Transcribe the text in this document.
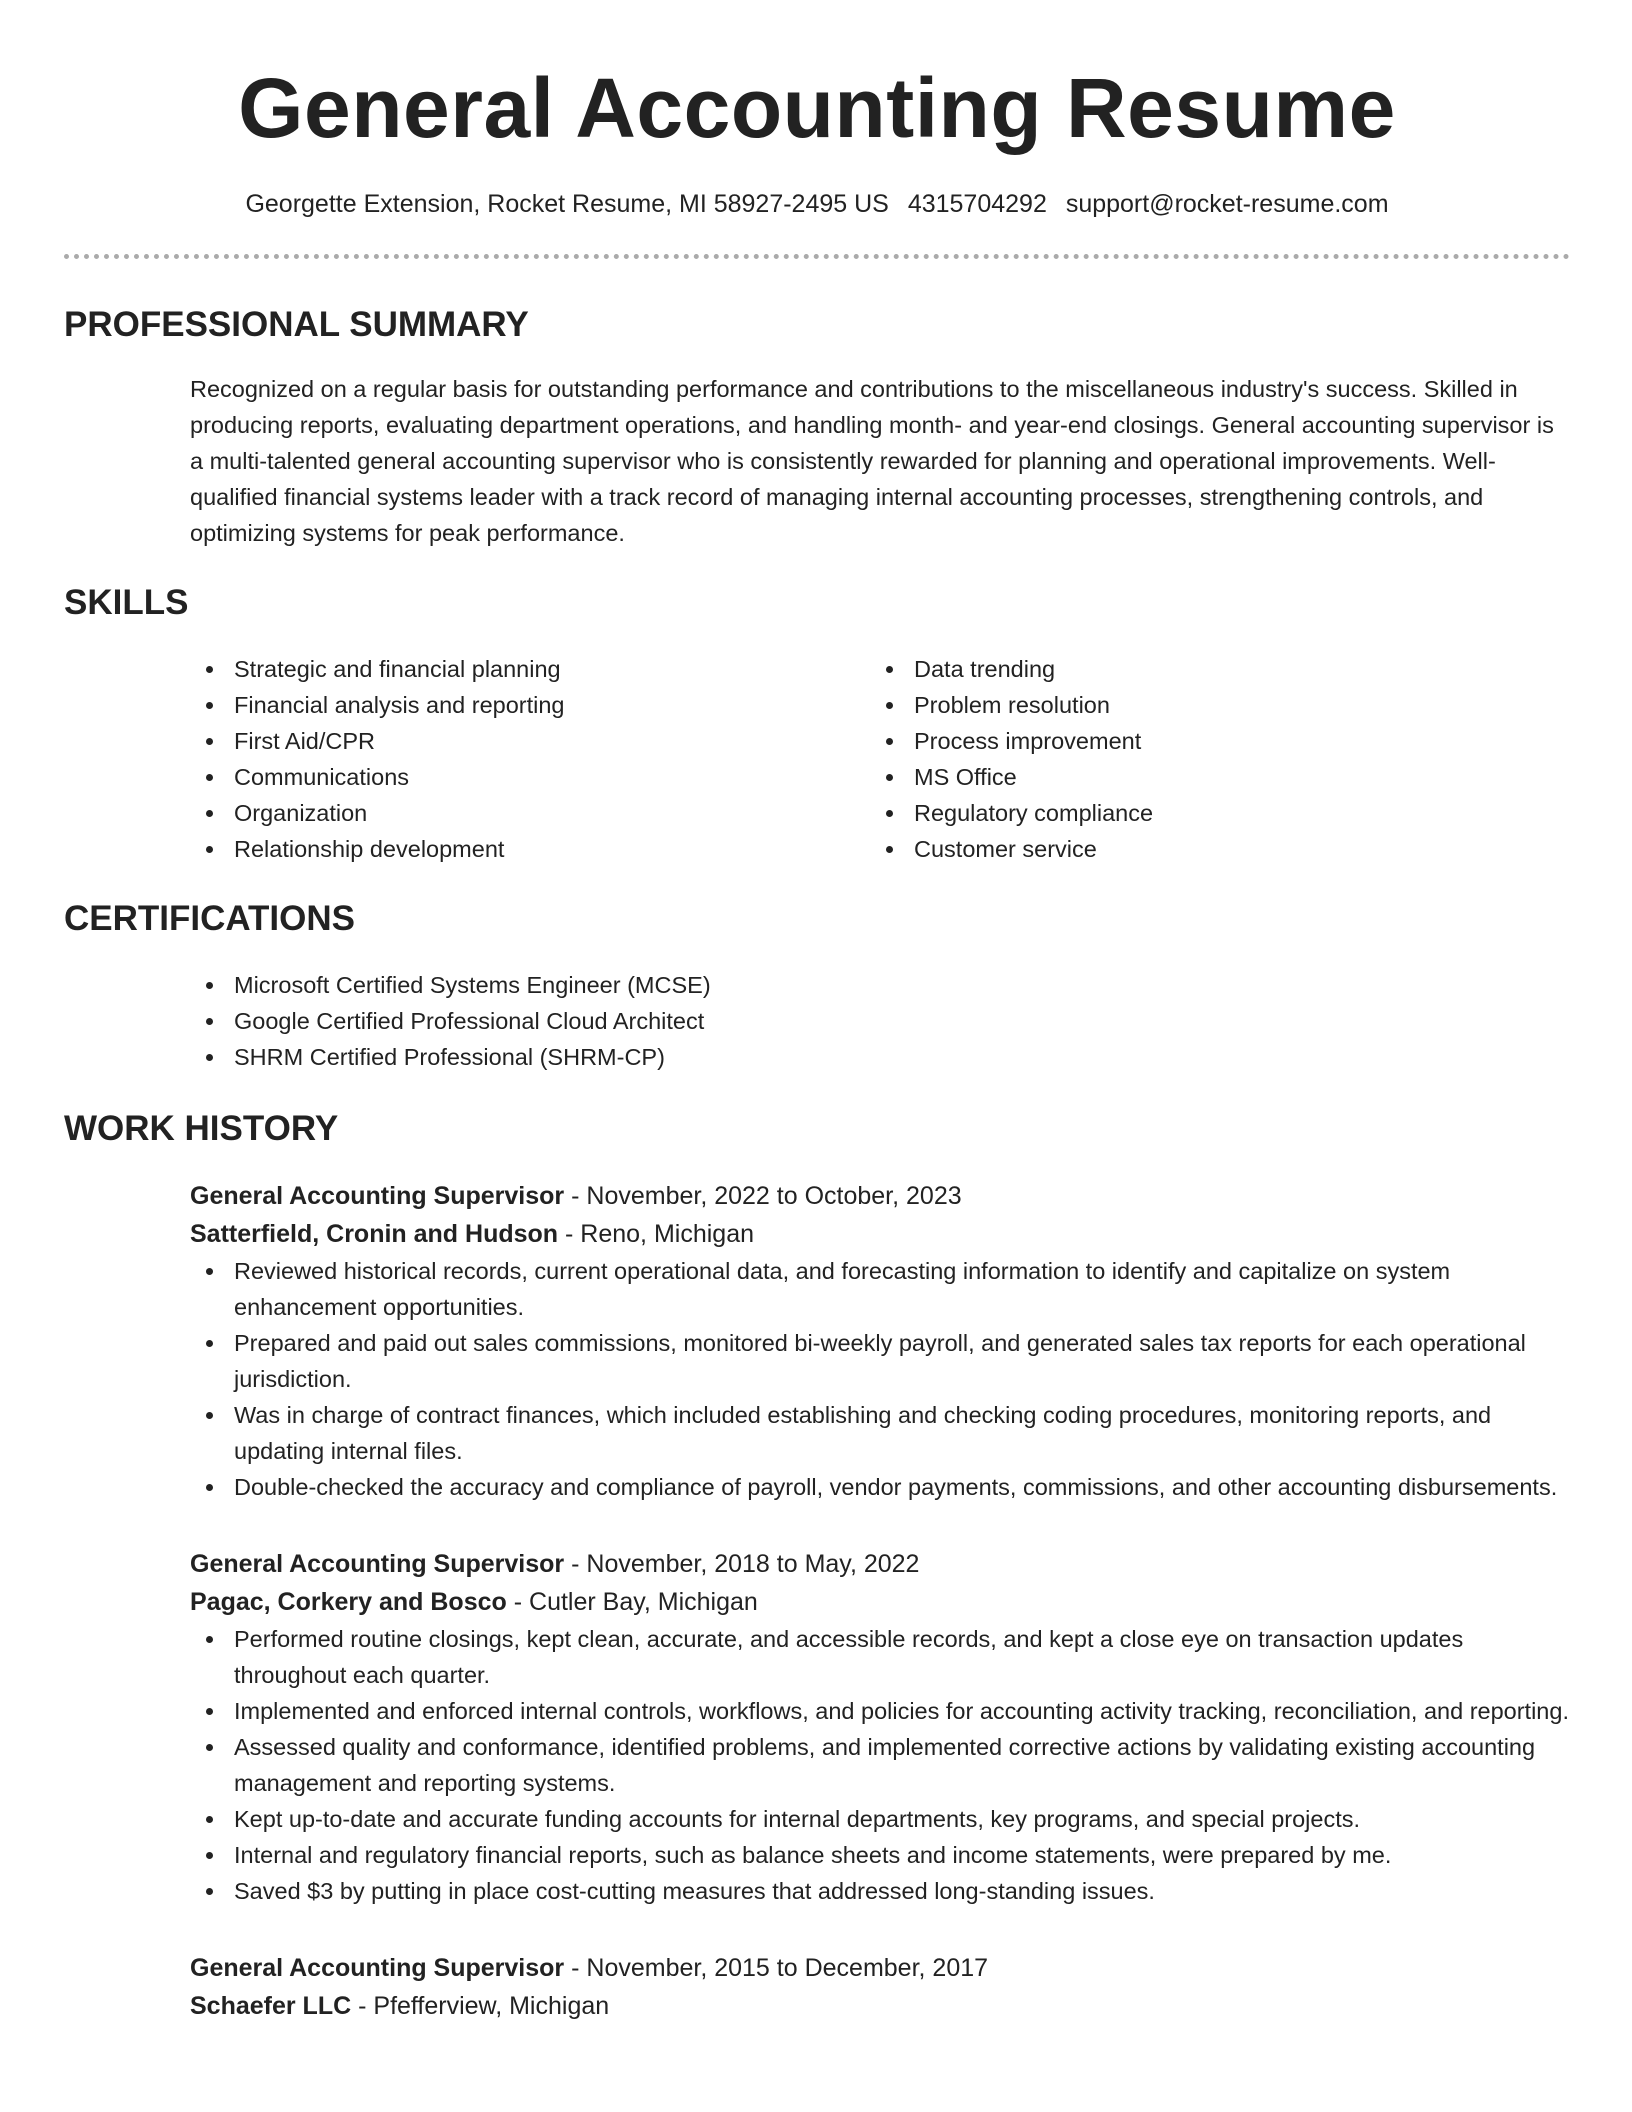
General Accounting Resume
Georgette Extension, Rocket Resume, MI 58927-2495 US 4315704292 support@rocket-resume.com
PROFESSIONAL SUMMARY

Recognized on a regular basis for outstanding performance and contributions to the miscellaneous industry's success. Skilled in producing reports, evaluating department operations, and handling month- and year-end closings. General accounting supervisor is a multi-talented general accounting supervisor who is consistently rewarded for planning and operational improvements. Well-qualified financial systems leader with a track record of managing internal accounting processes, strengthening controls, and optimizing systems for peak performance.

SKILLS
Strategic and financial planning
Financial analysis and reporting
First Aid/CPR
Communications
Organization
Relationship development
Data trending
Problem resolution
Process improvement
MS Office
Regulatory compliance
Customer service
CERTIFICATIONS
Microsoft Certified Systems Engineer (MCSE)
Google Certified Professional Cloud Architect
SHRM Certified Professional (SHRM-CP)
WORK HISTORY
General Accounting Supervisor - November, 2022 to October, 2023
Satterfield, Cronin and Hudson - Reno, Michigan
Reviewed historical records, current operational data, and forecasting information to identify and capitalize on system enhancement opportunities.
Prepared and paid out sales commissions, monitored bi-weekly payroll, and generated sales tax reports for each operational jurisdiction.
Was in charge of contract finances, which included establishing and checking coding procedures, monitoring reports, and updating internal files.
Double-checked the accuracy and compliance of payroll, vendor payments, commissions, and other accounting disbursements.
General Accounting Supervisor - November, 2018 to May, 2022
Pagac, Corkery and Bosco - Cutler Bay, Michigan
Performed routine closings, kept clean, accurate, and accessible records, and kept a close eye on transaction updates throughout each quarter.
Implemented and enforced internal controls, workflows, and policies for accounting activity tracking, reconciliation, and reporting.
Assessed quality and conformance, identified problems, and implemented corrective actions by validating existing accounting management and reporting systems.
Kept up-to-date and accurate funding accounts for internal departments, key programs, and special projects.
Internal and regulatory financial reports, such as balance sheets and income statements, were prepared by me.
Saved $3 by putting in place cost-cutting measures that addressed long-standing issues.
General Accounting Supervisor - November, 2015 to December, 2017
Schaefer LLC - Pfefferview, Michigan
